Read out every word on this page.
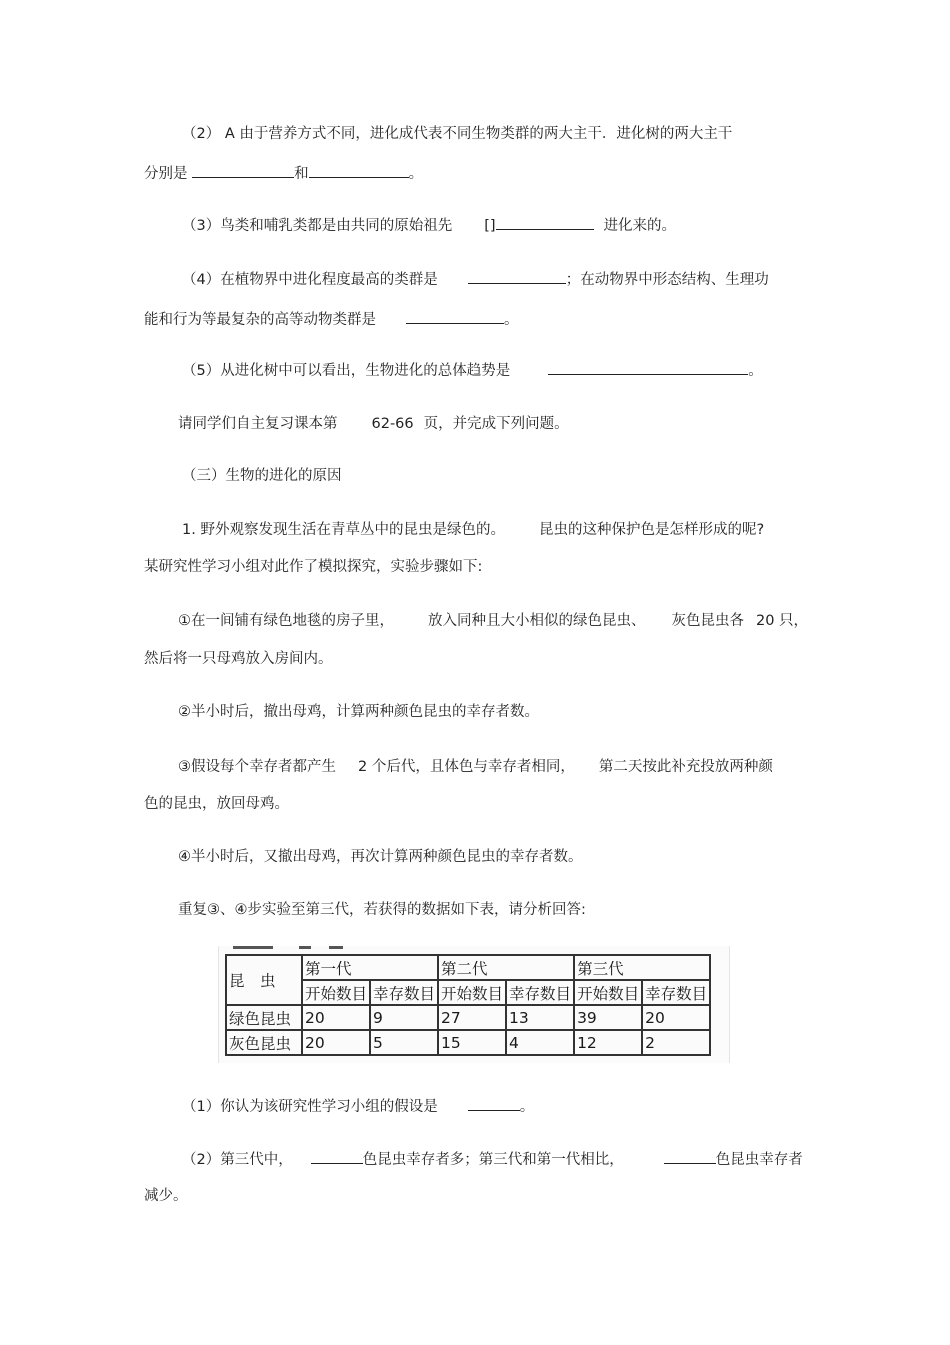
（2） A 由于营养方式不同，进化成代表不同生物类群的两大主干．进化树的两大主干
分别是	和	。
（3）鸟类和哺乳类都是由共同的原始祖先 []	进化来的。
（4）在植物界中进化程度最高的类群是	；在动物界中形态结构、生理功
能和行为等最复杂的高等动物类群是	。
（5）从进化树中可以看出，生物进化的总体趋势是	。
请同学们自主复习课本第 62-66 页，并完成下列问题。
（三）生物的进化的原因
1. 野外观察发现生活在青草丛中的昆虫是绿色的。 昆虫的这种保护色是怎样形成的呢?
某研究性学习小组对此作了模拟探究，实验步骤如下:
①在一间铺有绿色地毯的房子里， 放入同种且大小相似的绿色昆虫、 灰色昆虫各 20 只，
然后将一只母鸡放入房间内。
②半小时后，撤出母鸡，计算两种颜色昆虫的幸存者数。
③假设每个幸存者都产生 2 个后代，且体色与幸存者相同， 第二天按此补充投放两种颜
色的昆虫，放回母鸡。
④半小时后，又撤出母鸡，再次计算两种颜色昆虫的幸存者数。
重复③、④步实验至第三代，若获得的数据如下表，请分析回答:
昆　虫	第一代		第二代		第三代	
	开始数目	幸存数目	开始数目	幸存数目	开始数目	幸存数目
绿色昆虫	20	9	27	13	39	20
灰色昆虫	20	5	15	4	12	2
（1）你认为该研究性学习小组的假设是	。
（2）第三代中，	色昆虫幸存者多；第三代和第一代相比，	色昆虫幸存者
减少。
